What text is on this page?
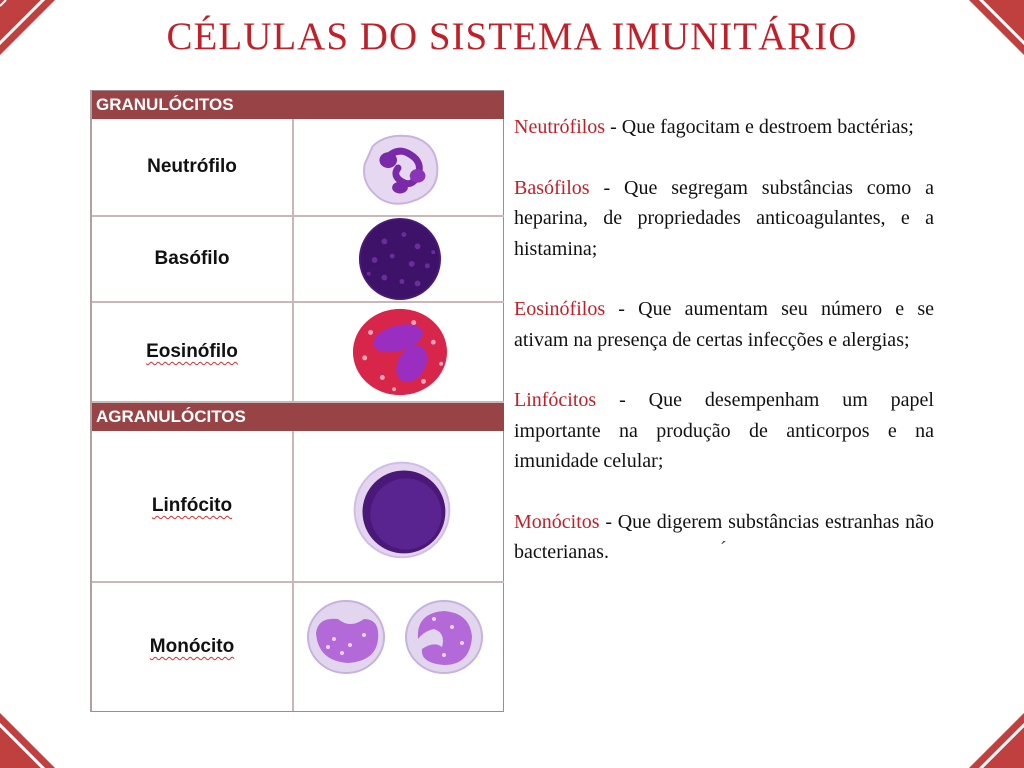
CÉLULAS DO SISTEMA IMUNITÁRIO
GRANULÓCITOS
Neutrófilo
Basófilo
Eosinófilo
AGRANULÓCITOS
Linfócito
Monócito

Neutrófilos - Que fagocitam e destroem bactérias;

Basófilos - Que segregam substâncias como a heparina, de propriedades anticoagulantes, e a histamina;

Eosinófilos - Que aumentam seu número e se ativam na presença de certas infecções e alergias;

Linfócitos - Que desempenham um papel importante na produção de anticorpos e na imunidade celular;

Monócitos - Que digerem substâncias estranhas não bacterianas.	´
